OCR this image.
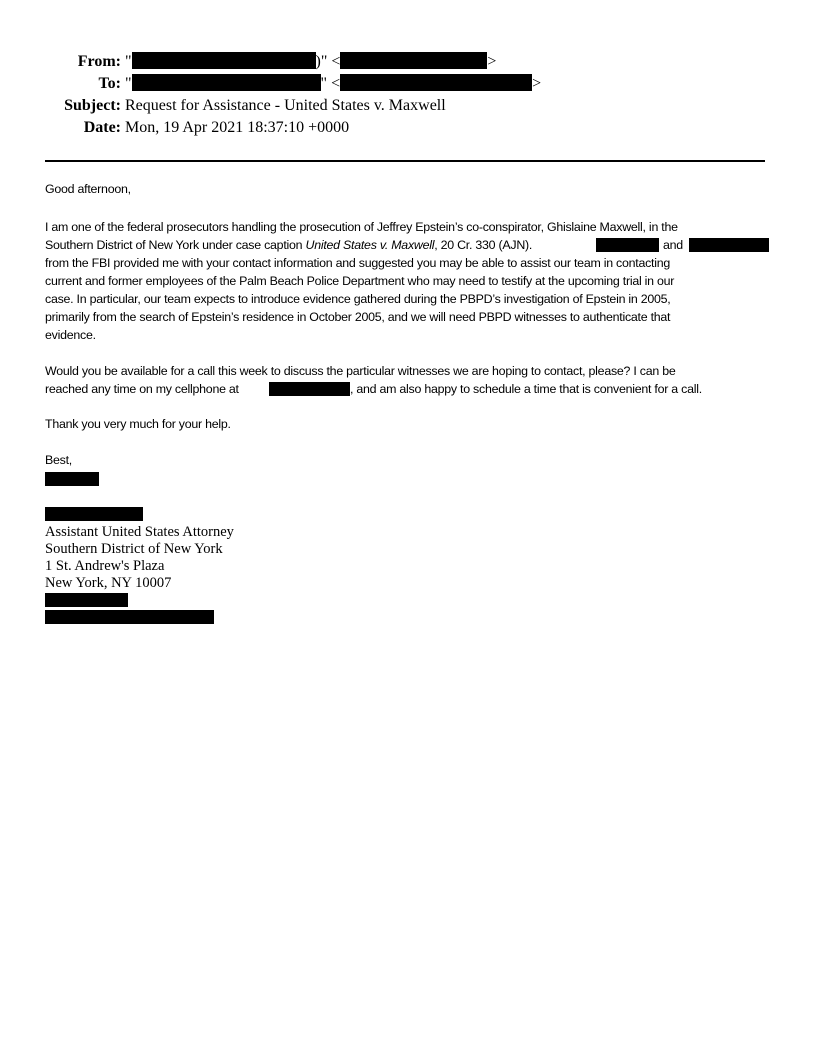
From: "	)" <	>
To: "	" <	>
Subject: Request for Assistance - United States v. Maxwell
Date: Mon, 19 Apr 2021 18:37:10 +0000
Good afternoon,
I am one of the federal prosecutors handling the prosecution of Jeffrey Epstein’s co-conspirator, Ghislaine Maxwell, in the
Southern District of New York under case caption United States v. Maxwell, 20 Cr. 330 (AJN).	and
from the FBI provided me with your contact information and suggested you may be able to assist our team in contacting
current and former employees of the Palm Beach Police Department who may need to testify at the upcoming trial in our
case. In particular, our team expects to introduce evidence gathered during the PBPD’s investigation of Epstein in 2005,
primarily from the search of Epstein’s residence in October 2005, and we will need PBPD witnesses to authenticate that
evidence.
Would you be available for a call this week to discuss the particular witnesses we are hoping to contact, please? I can be
reached any time on my cellphone at	, and am also happy to schedule a time that is convenient for a call.
Thank you very much for your help.
Best,
Assistant United States Attorney
Southern District of New York
1 St. Andrew's Plaza
New York, NY 10007
